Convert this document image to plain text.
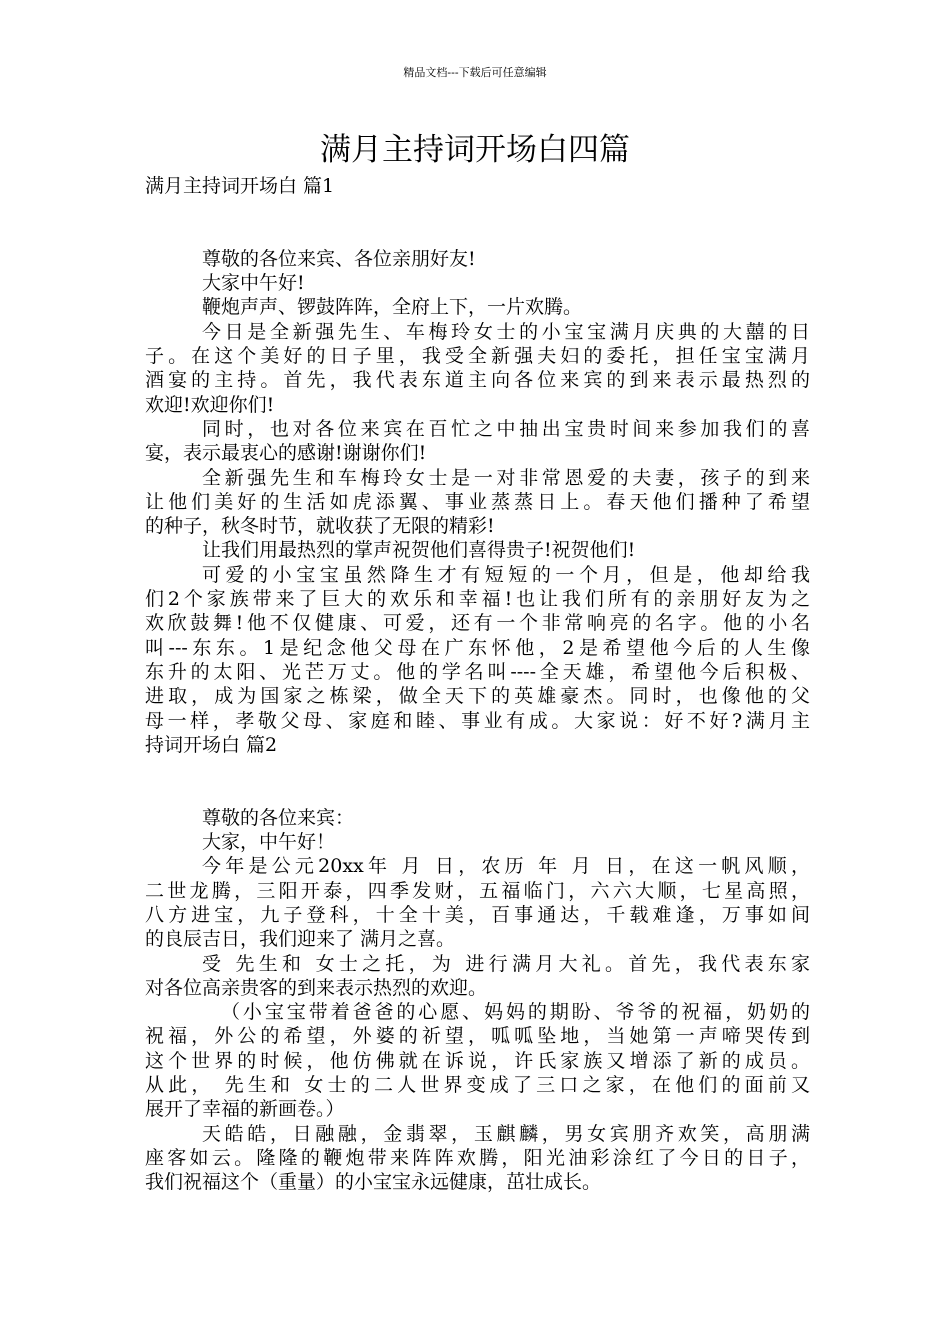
精品文档---下载后可任意编辑
满月主持词开场白四篇
满月主持词开场白 篇1
尊敬的各位来宾、各位亲朋好友!
大家中午好!
鞭炮声声、锣鼓阵阵，全府上下，一片欢腾。
今日是全新强先生、车梅玲女士的小宝宝满月庆典的大囍的日
子。在这个美好的日子里，我受全新强夫妇的委托，担任宝宝满月
酒宴的主持。首先，我代表东道主向各位来宾的到来表示最热烈的
欢迎!欢迎你们!
同时，也对各位来宾在百忙之中抽出宝贵时间来参加我们的喜
宴，表示最衷心的感谢!谢谢你们!
全新强先生和车梅玲女士是一对非常恩爱的夫妻，孩子的到来
让他们美好的生活如虎添翼、事业蒸蒸日上。春天他们播种了希望
的种子，秋冬时节，就收获了无限的精彩!
让我们用最热烈的掌声祝贺他们喜得贵子!祝贺他们!
可爱的小宝宝虽然降生才有短短的一个月，但是，他却给我
们2个家族带来了巨大的欢乐和幸福!也让我们所有的亲朋好友为之
欢欣鼓舞!他不仅健康、可爱，还有一个非常响亮的名字。他的小名
叫---东东。1是纪念他父母在广东怀他，2是希望他今后的人生像
东升的太阳、光芒万丈。他的学名叫----全天雄，希望他今后积极、
进取，成为国家之栋梁，做全天下的英雄豪杰。同时，也像他的父
母一样，孝敬父母、家庭和睦、事业有成。大家说：好不好?满月主
持词开场白 篇2
尊敬的各位来宾：
大家，中午好！
今年是公元20xx年 月 日，农历 年 月 日，在这一帆风顺，
二世龙腾，三阳开泰，四季发财，五福临门，六六大顺，七星高照，
八方进宝，九子登科，十全十美，百事通达，千载难逢，万事如间
的良辰吉日，我们迎来了 满月之喜。
受 先生和 女士之托，为 进行满月大礼。首先，我代表东家
对各位高亲贵客的到来表示热烈的欢迎。
（小宝宝带着爸爸的心愿、妈妈的期盼、爷爷的祝福，奶奶的
祝福，外公的希望，外婆的祈望，呱呱坠地，当她第一声啼哭传到
这个世界的时候，他仿佛就在诉说，许氏家族又增添了新的成员。
从此， 先生和 女士的二人世界变成了三口之家，在他们的面前又
展开了幸福的新画卷。）
天皓皓，日融融，金翡翠，玉麒麟，男女宾朋齐欢笑，高朋满
座客如云。隆隆的鞭炮带来阵阵欢腾，阳光油彩涂红了今日的日子，
我们祝福这个（重量）的小宝宝永远健康，茁壮成长。
